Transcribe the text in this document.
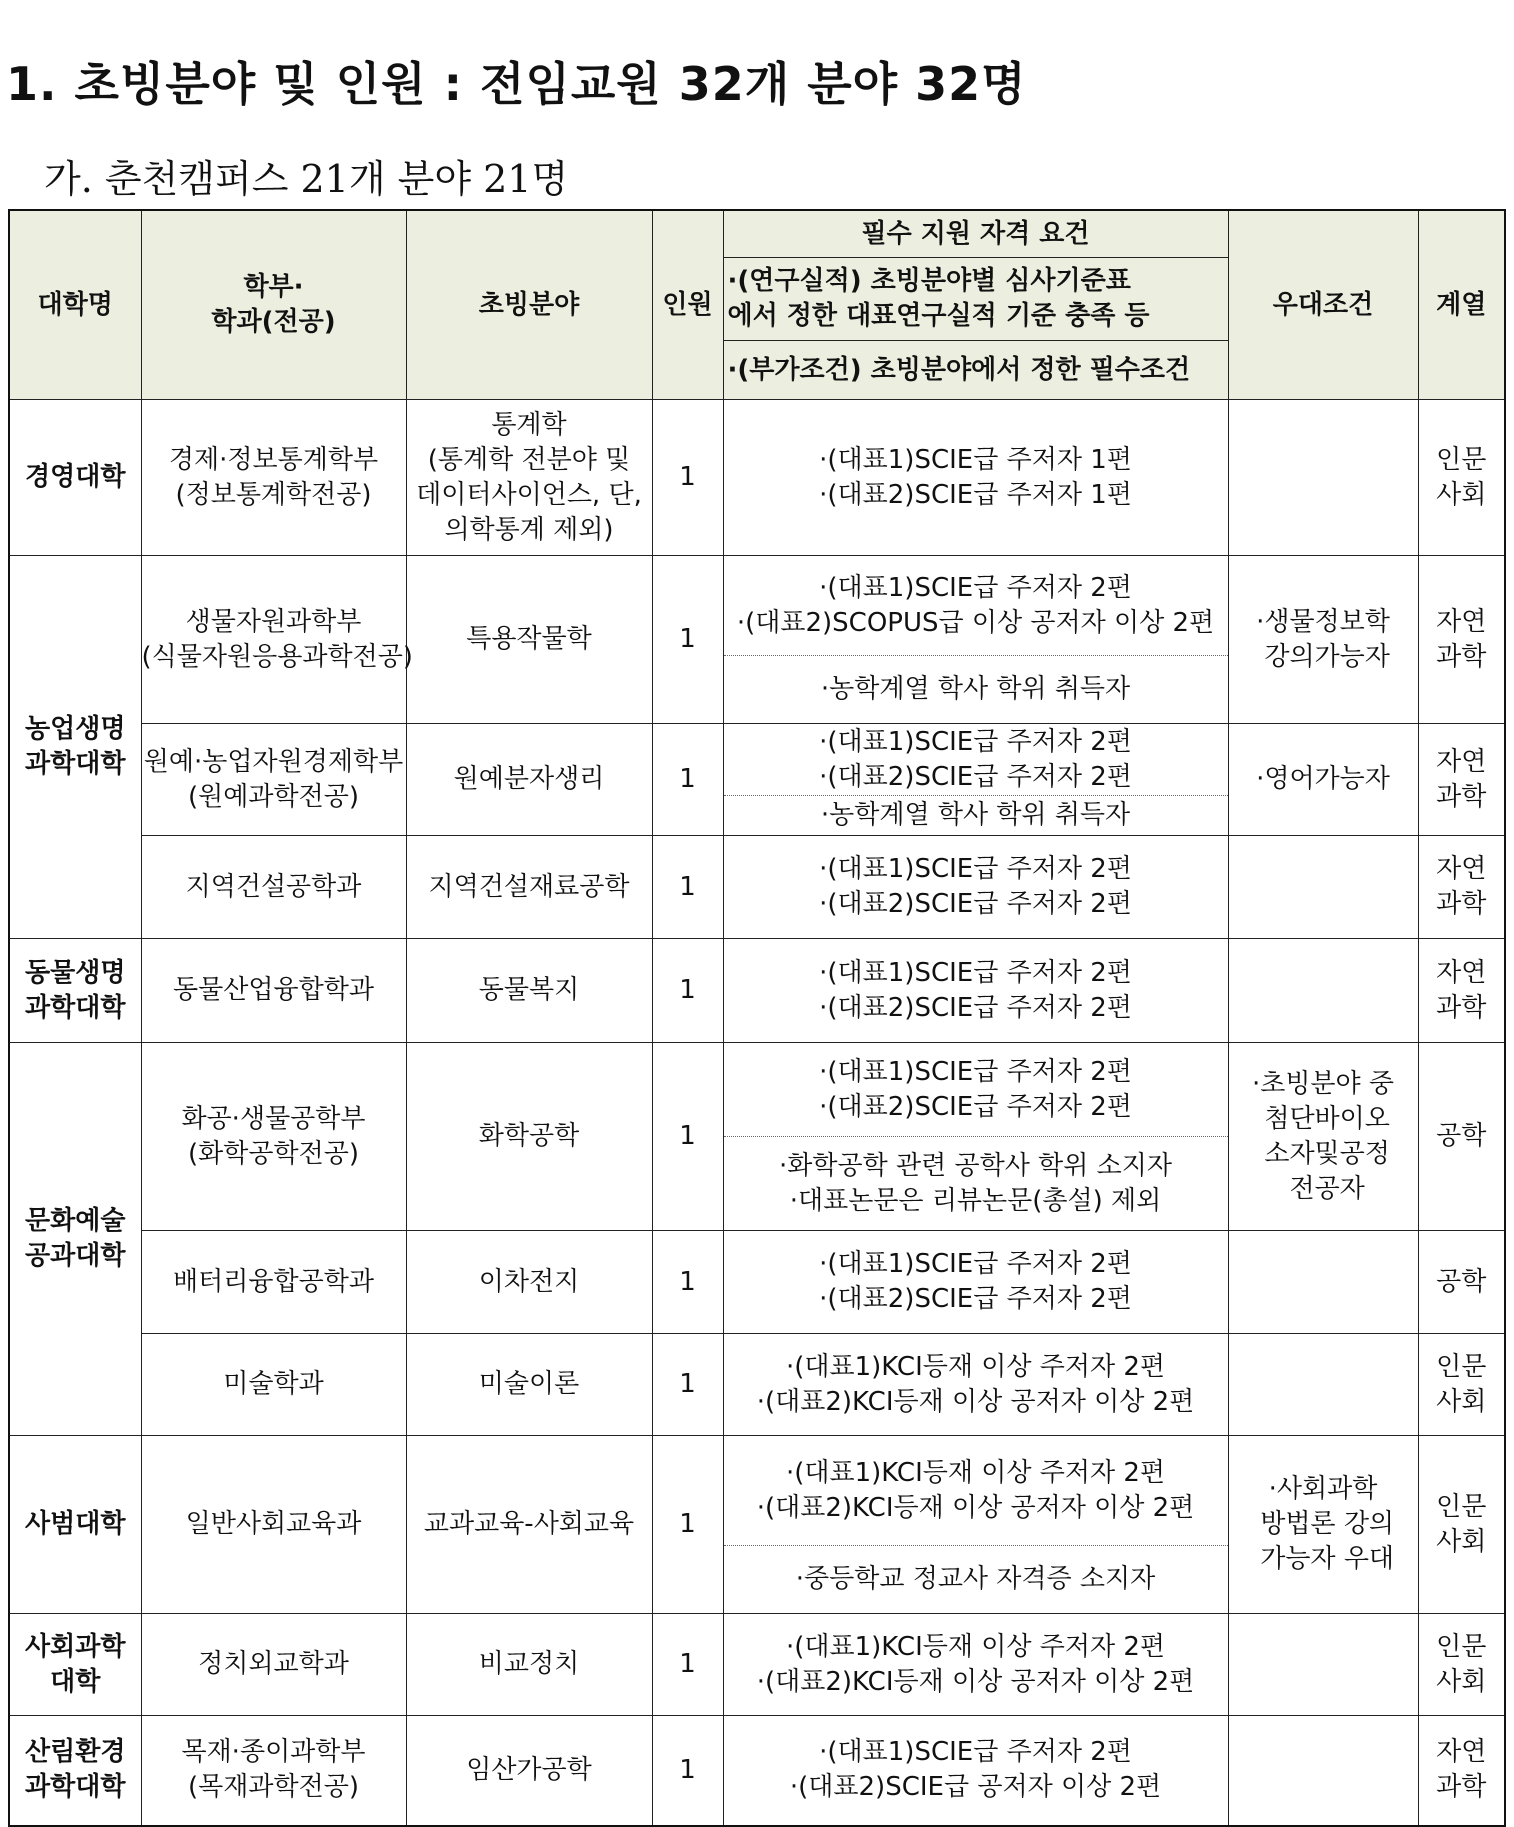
1. 초빙분야 및 인원 : 전임교원 32개 분야 32명
가. 춘천캠퍼스 21개 분야 21명
대학명	학부·
학과(전공)	초빙분야	인원	필수 지원 자격 요건	우대조건	계열

				·(연구실적) 초빙분야별 심사기준표
에서 정한 대표연구실적 기준 충족 등		

				·(부가조건) 초빙분야에서 정한 필수조건		

경영대학	경제·정보통계학부
(정보통계학전공)	통계학
(통계학 전분야 및
데이터사이언스, 단,
의학통계 제외)	1	·(대표1)SCIE급 주저자 1편
·(대표2)SCIE급 주저자 1편		인문
사회

농업생명
과학대학	생물자원과학부
(식물자원응용과학전공)	특용작물학	1	·(대표1)SCIE급 주저자 2편
·(대표2)SCOPUS급 이상 공저자 이상 2편	·생물정보학
강의가능자	자연
과학

				·농학계열 학사 학위 취득자		

	원예·농업자원경제학부
(원예과학전공)	원예분자생리	1	·(대표1)SCIE급 주저자 2편
·(대표2)SCIE급 주저자 2편	·영어가능자	자연
과학

				·농학계열 학사 학위 취득자		

	지역건설공학과	지역건설재료공학	1	·(대표1)SCIE급 주저자 2편
·(대표2)SCIE급 주저자 2편		자연
과학

동물생명
과학대학	동물산업융합학과	동물복지	1	·(대표1)SCIE급 주저자 2편
·(대표2)SCIE급 주저자 2편		자연
과학

문화예술
공과대학	화공·생물공학부
(화학공학전공)	화학공학	1	·(대표1)SCIE급 주저자 2편
·(대표2)SCIE급 주저자 2편	·초빙분야 중
첨단바이오
소자및공정
전공자	공학

				·화학공학 관련 공학사 학위 소지자
·대표논문은 리뷰논문(총설) 제외		

	배터리융합공학과	이차전지	1	·(대표1)SCIE급 주저자 2편
·(대표2)SCIE급 주저자 2편		공학

	미술학과	미술이론	1	·(대표1)KCI등재 이상 주저자 2편
·(대표2)KCI등재 이상 공저자 이상 2편		인문
사회

사범대학	일반사회교육과	교과교육-사회교육	1	·(대표1)KCI등재 이상 주저자 2편
·(대표2)KCI등재 이상 공저자 이상 2편	·사회과학
방법론 강의
가능자 우대	인문
사회

				·중등학교 정교사 자격증 소지자		

사회과학
대학	정치외교학과	비교정치	1	·(대표1)KCI등재 이상 주저자 2편
·(대표2)KCI등재 이상 공저자 이상 2편		인문
사회

산림환경
과학대학	목재·종이과학부
(목재과학전공)	임산가공학	1	·(대표1)SCIE급 주저자 2편
·(대표2)SCIE급 공저자 이상 2편		자연
과학
